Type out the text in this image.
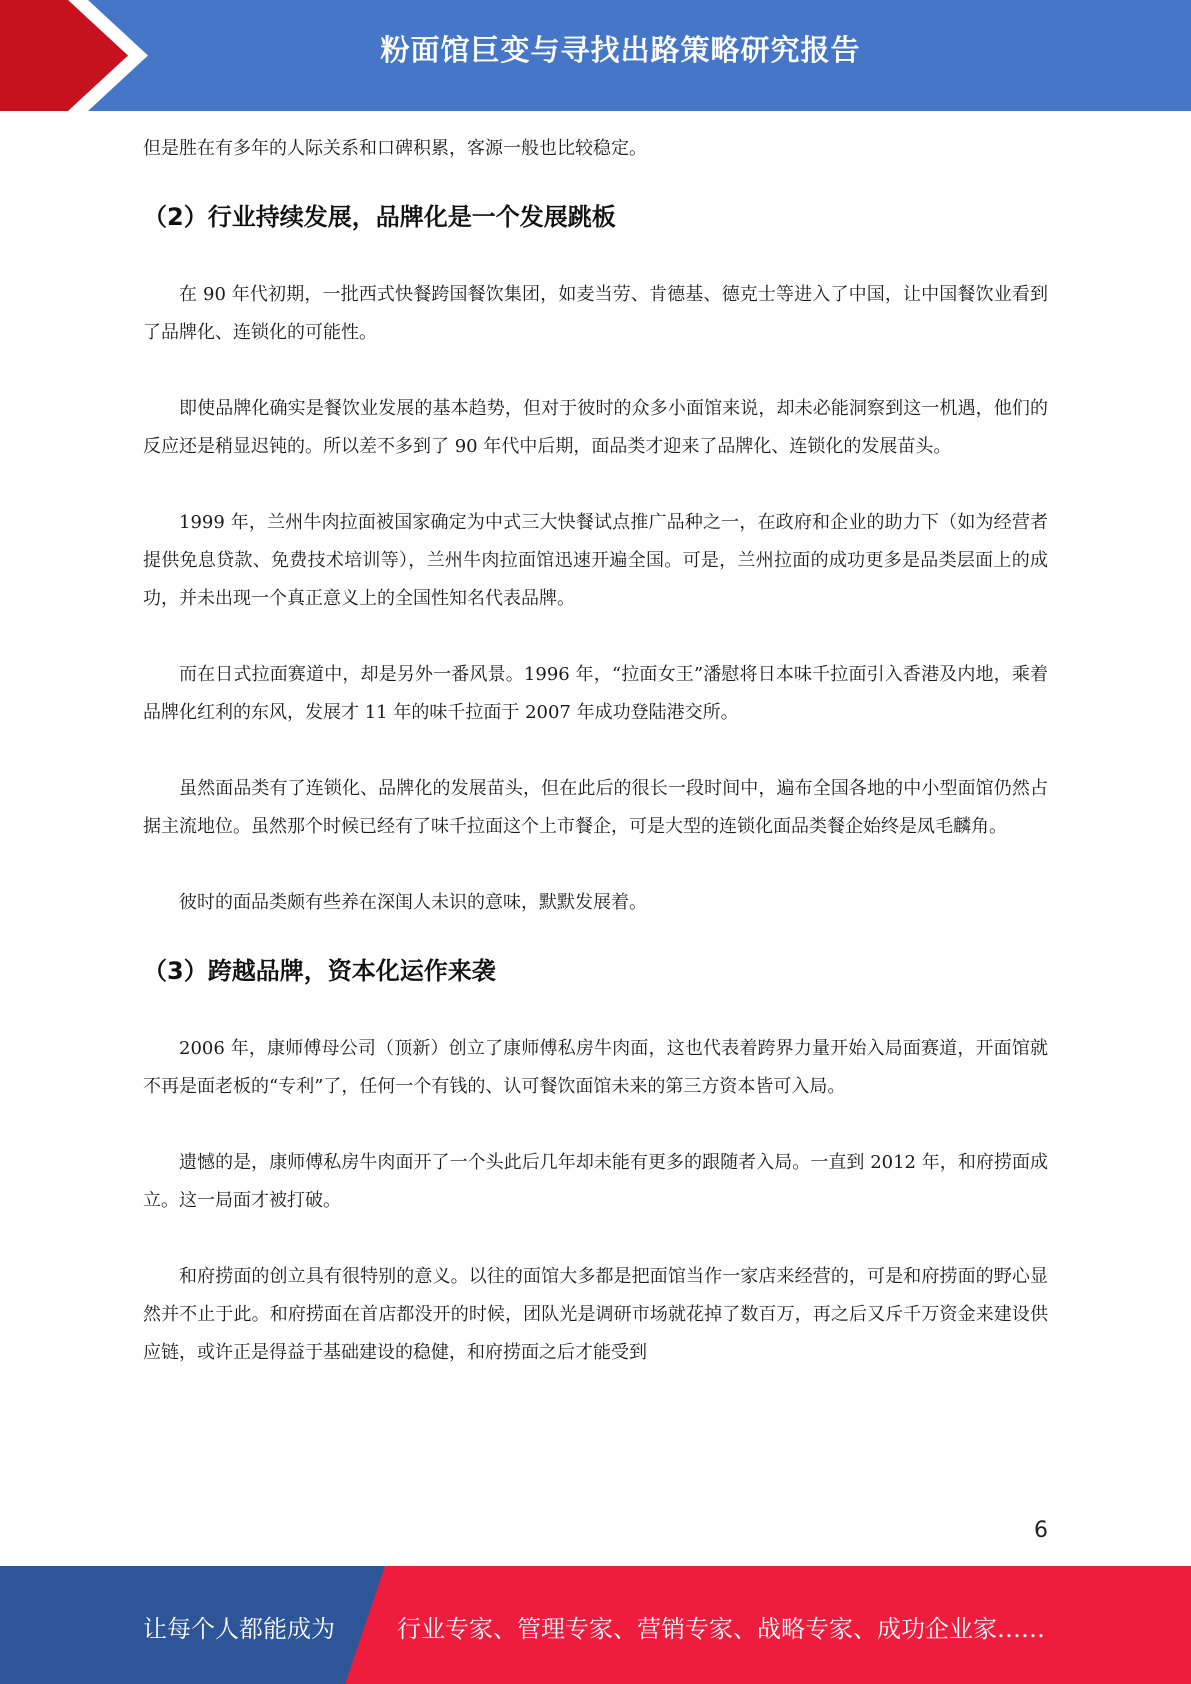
粉面馆巨变与寻找出路策略研究报告

但是胜在有多年的人际关系和口碑积累，客源一般也比较稳定。

（2）行业持续发展，品牌化是一个发展跳板

在 90 年代初期，一批西式快餐跨国餐饮集团，如麦当劳、肯德基、德克士等进入了中国，让中国餐饮业看到了品牌化、连锁化的可能性。

即使品牌化确实是餐饮业发展的基本趋势，但对于彼时的众多小面馆来说，却未必能洞察到这一机遇，他们的反应还是稍显迟钝的。所以差不多到了 90 年代中后期，面品类才迎来了品牌化、连锁化的发展苗头。

1999 年，兰州牛肉拉面被国家确定为中式三大快餐试点推广品种之一，在政府和企业的助力下（如为经营者提供免息贷款、免费技术培训等），兰州牛肉拉面馆迅速开遍全国。可是，兰州拉面的成功更多是品类层面上的成功，并未出现一个真正意义上的全国性知名代表品牌。

而在日式拉面赛道中，却是另外一番风景。1996 年，“拉面女王”潘慰将日本味千拉面引入香港及内地，乘着品牌化红利的东风，发展才 11 年的味千拉面于 2007 年成功登陆港交所。

虽然面品类有了连锁化、品牌化的发展苗头，但在此后的很长一段时间中，遍布全国各地的中小型面馆仍然占据主流地位。虽然那个时候已经有了味千拉面这个上市餐企，可是大型的连锁化面品类餐企始终是凤毛麟角。

彼时的面品类颇有些养在深闺人未识的意味，默默发展着。

（3）跨越品牌，资本化运作来袭

2006 年，康师傅母公司（顶新）创立了康师傅私房牛肉面，这也代表着跨界力量开始入局面赛道，开面馆就不再是面老板的“专利”了，任何一个有钱的、认可餐饮面馆未来的第三方资本皆可入局。

遗憾的是，康师傅私房牛肉面开了一个头此后几年却未能有更多的跟随者入局。一直到 2012 年，和府捞面成立。这一局面才被打破。

和府捞面的创立具有很特别的意义。以往的面馆大多都是把面馆当作一家店来经营的，可是和府捞面的野心显然并不止于此。和府捞面在首店都没开的时候，团队光是调研市场就花掉了数百万，再之后又斥千万资金来建设供应链，或许正是得益于基础建设的稳健，和府捞面之后才能受到

6
让每个人都能成为	行业专家、管理专家、营销专家、战略专家、成功企业家……
